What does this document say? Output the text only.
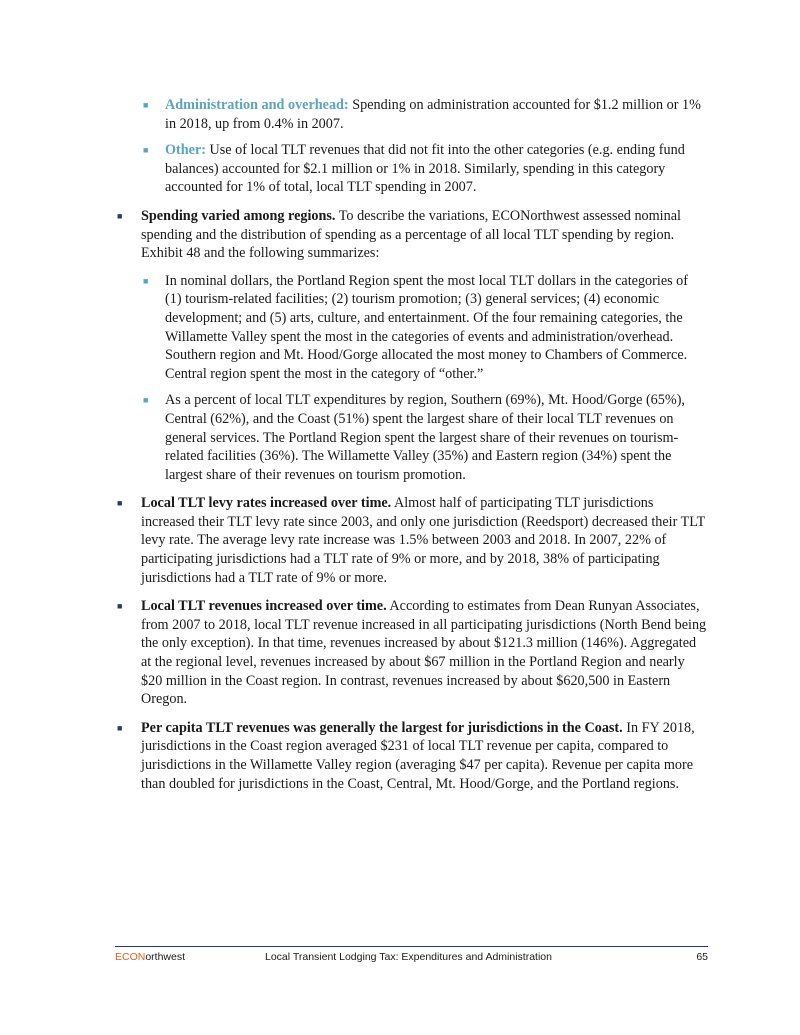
■ Administration and overhead: Spending on administration accounted for $1.2 million or 1% in 2018, up from 0.4% in 2007.
■ Other: Use of local TLT revenues that did not fit into the other categories (e.g. ending fund balances) accounted for $2.1 million or 1% in 2018. Similarly, spending in this category accounted for 1% of total, local TLT spending in 2007.
■ Spending varied among regions. To describe the variations, ECONorthwest assessed nominal spending and the distribution of spending as a percentage of all local TLT spending by region. Exhibit 48 and the following summarizes:
■ In nominal dollars, the Portland Region spent the most local TLT dollars in the categories of (1) tourism-related facilities; (2) tourism promotion; (3) general services; (4) economic development; and (5) arts, culture, and entertainment. Of the four remaining categories, the Willamette Valley spent the most in the categories of events and administration/overhead. Southern region and Mt. Hood/Gorge allocated the most money to Chambers of Commerce. Central region spent the most in the category of “other.”
■ As a percent of local TLT expenditures by region, Southern (69%), Mt. Hood/Gorge (65%), Central (62%), and the Coast (51%) spent the largest share of their local TLT revenues on general services. The Portland Region spent the largest share of their revenues on tourism-related facilities (36%). The Willamette Valley (35%) and Eastern region (34%) spent the largest share of their revenues on tourism promotion.
■ Local TLT levy rates increased over time. Almost half of participating TLT jurisdictions increased their TLT levy rate since 2003, and only one jurisdiction (Reedsport) decreased their TLT levy rate. The average levy rate increase was 1.5% between 2003 and 2018. In 2007, 22% of participating jurisdictions had a TLT rate of 9% or more, and by 2018, 38% of participating jurisdictions had a TLT rate of 9% or more.
■ Local TLT revenues increased over time. According to estimates from Dean Runyan Associates, from 2007 to 2018, local TLT revenue increased in all participating jurisdictions (North Bend being the only exception). In that time, revenues increased by about $121.3 million (146%). Aggregated at the regional level, revenues increased by about $67 million in the Portland Region and nearly $20 million in the Coast region. In contrast, revenues increased by about $620,500 in Eastern Oregon.
■ Per capita TLT revenues was generally the largest for jurisdictions in the Coast. In FY 2018, jurisdictions in the Coast region averaged $231 of local TLT revenue per capita, compared to jurisdictions in the Willamette Valley region (averaging $47 per capita). Revenue per capita more than doubled for jurisdictions in the Coast, Central, Mt. Hood/Gorge, and the Portland regions.
ECONorthwest	Local Transient Lodging Tax: Expenditures and Administration	65
